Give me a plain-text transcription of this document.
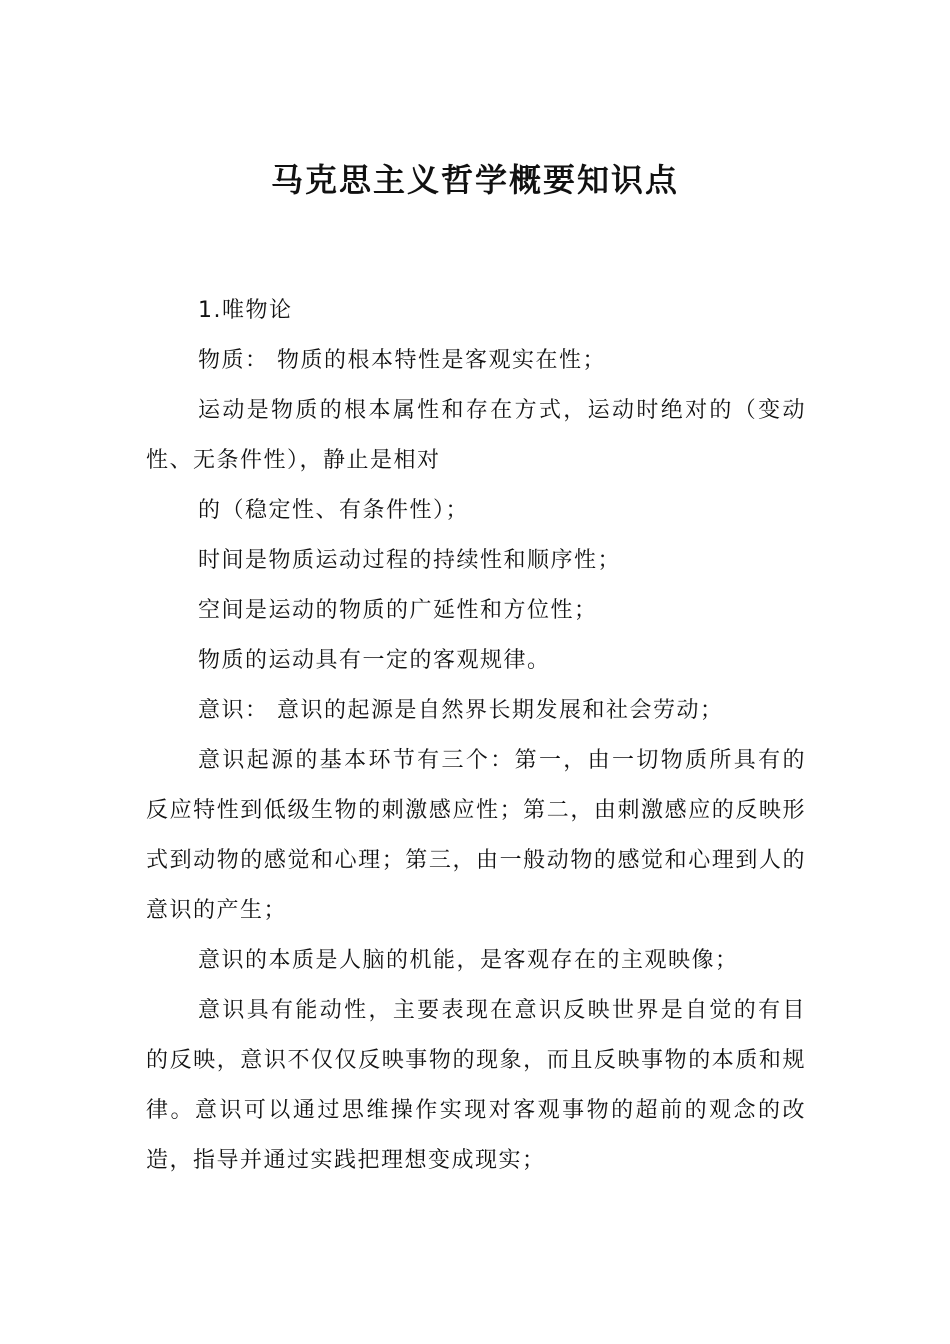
马克思主义哲学概要知识点

1.唯物论

物质： 物质的根本特性是客观实在性；

运动是物质的根本属性和存在方式，运动时绝对的（变动性、无条件性），静止是相对

的（稳定性、有条件性）；

时间是物质运动过程的持续性和顺序性；

空间是运动的物质的广延性和方位性；

物质的运动具有一定的客观规律。

意识： 意识的起源是自然界长期发展和社会劳动；

意识起源的基本环节有三个：第一，由一切物质所具有的反应特性到低级生物的刺激感应性；第二，由刺激感应的反映形式到动物的感觉和心理；第三，由一般动物的感觉和心理到人的意识的产生；

意识的本质是人脑的机能，是客观存在的主观映像；

意识具有能动性，主要表现在意识反映世界是自觉的有目的反映，意识不仅仅反映事物的现象，而且反映事物的本质和规律。意识可以通过思维操作实现对客观事物的超前的观念的改造，指导并通过实践把理想变成现实；
